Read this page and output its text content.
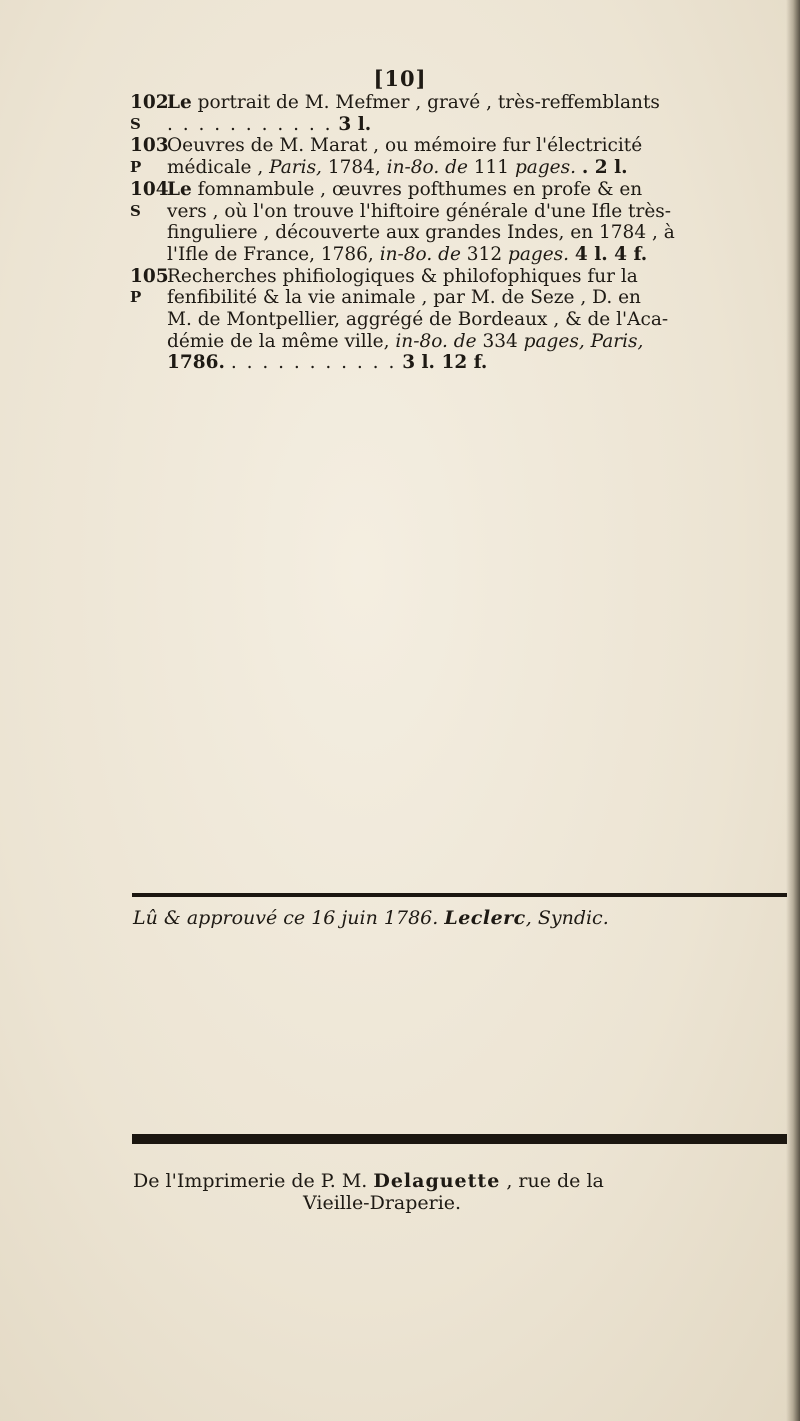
[10]
102
S
Le portrait de M. Mefmer , gravé , très-reffemblants
. . . . . . . . . . . 3 l.
103
P
Oeuvres de M. Marat , ou mémoire fur l'électricité
médicale , Paris, 1784, in-8o. de 111 pages. . 2 l.
104
S
Le fomnambule , œuvres pofthumes en profe & en
vers , où l'on trouve l'hiftoire générale d'une Ifle très-
finguliere , découverte aux grandes Indes, en 1784 , à
l'Ifle de France, 1786, in-8o. de 312 pages. 4 l. 4 f.
105
P
Recherches phifiologiques & philofophiques fur la
fenfibilité & la vie animale , par M. de Seze , D. en
M. de Montpellier, aggrégé de Bordeaux , & de l'Aca-
démie de la même ville, in-8o. de 334 pages, Paris,
1786. . . . . . . . . . . . 3 l. 12 f.
Lû & approuvé ce 16 juin 1786. Leclerc, Syndic.
De l'Imprimerie de P. M. Delaguette , rue de la
Vieille-Draperie.
